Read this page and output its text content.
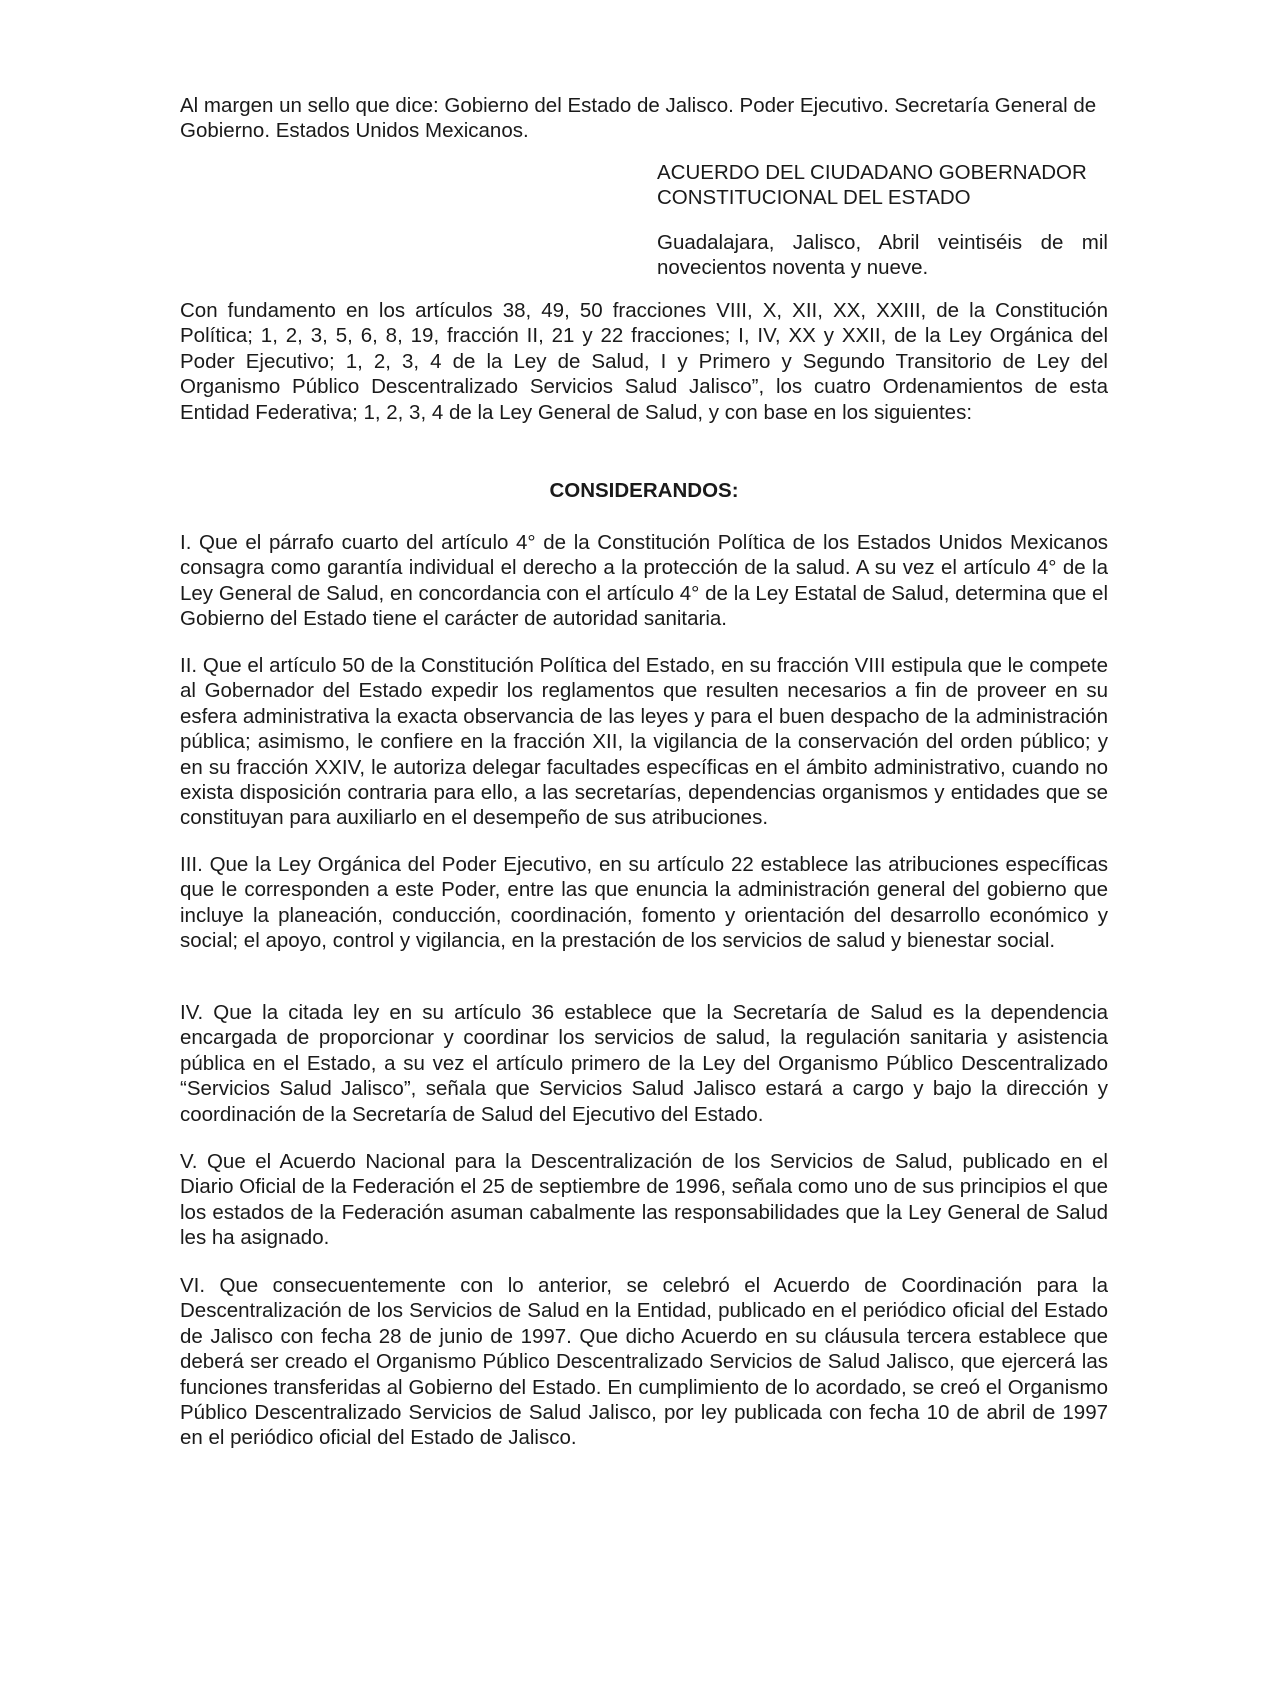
Al margen un sello que dice: Gobierno del Estado de Jalisco. Poder Ejecutivo. Secretaría General de Gobierno. Estados Unidos Mexicanos.

ACUERDO DEL CIUDADANO GOBERNADOR CONSTITUCIONAL DEL ESTADO

Guadalajara, Jalisco, Abril veintiséis de mil novecientos noventa y nueve.

Con fundamento en los artículos 38, 49, 50 fracciones VIII, X, XII, XX, XXIII, de la Constitución Política; 1, 2, 3, 5, 6, 8, 19, fracción II, 21 y 22 fracciones; I, IV, XX y XXII, de la Ley Orgánica del Poder Ejecutivo; 1, 2, 3, 4 de la Ley de Salud, I y Primero y Segundo Transitorio de Ley del Organismo Público Descentralizado Servicios Salud Jalisco”, los cuatro Ordenamientos de esta Entidad Federativa; 1, 2, 3, 4 de la Ley General de Salud, y con base en los siguientes:

CONSIDERANDOS:

I. Que el párrafo cuarto del artículo 4° de la Constitución Política de los Estados Unidos Mexicanos consagra como garantía individual el derecho a la protección de la salud. A su vez el artículo 4° de la Ley General de Salud, en concordancia con el artículo 4° de la Ley Estatal de Salud, determina que el Gobierno del Estado tiene el carácter de autoridad sanitaria.

II. Que el artículo 50 de la Constitución Política del Estado, en su fracción VIII estipula que le compete al Gobernador del Estado expedir los reglamentos que resulten necesarios a fin de proveer en su esfera administrativa la exacta observancia de las leyes y para el buen despacho de la administración pública; asimismo, le confiere en la fracción XII, la vigilancia de la conservación del orden público; y en su fracción XXIV, le autoriza delegar facultades específicas en el ámbito administrativo, cuando no exista disposición contraria para ello, a las secretarías, dependencias organismos y entidades que se constituyan para auxiliarlo en el desempeño de sus atribuciones.

III. Que la Ley Orgánica del Poder Ejecutivo, en su artículo 22 establece las atribuciones específicas que le corresponden a este Poder, entre las que enuncia la administración general del gobierno que incluye la planeación, conducción, coordinación, fomento y orientación del desarrollo económico y social; el apoyo, control y vigilancia, en la prestación de los servicios de salud y bienestar social.

IV. Que la citada ley en su artículo 36 establece que la Secretaría de Salud es la dependencia encargada de proporcionar y coordinar los servicios de salud, la regulación sanitaria y asistencia pública en el Estado, a su vez el artículo primero de la Ley del Organismo Público Descentralizado “Servicios Salud Jalisco”, señala que Servicios Salud Jalisco estará a cargo y bajo la dirección y coordinación de la Secretaría de Salud del Ejecutivo del Estado.

V. Que el Acuerdo Nacional para la Descentralización de los Servicios de Salud, publicado en el Diario Oficial de la Federación el 25 de septiembre de 1996, señala como uno de sus principios el que los estados de la Federación asuman cabalmente las responsabilidades que la Ley General de Salud les ha asignado.

VI. Que consecuentemente con lo anterior, se celebró el Acuerdo de Coordinación para la Descentralización de los Servicios de Salud en la Entidad, publicado en el periódico oficial del Estado de Jalisco con fecha 28 de junio de 1997. Que dicho Acuerdo en su cláusula tercera establece que deberá ser creado el Organismo Público Descentralizado Servicios de Salud Jalisco, que ejercerá las funciones transferidas al Gobierno del Estado. En cumplimiento de lo acordado, se creó el Organismo Público Descentralizado Servicios de Salud Jalisco, por ley publicada con fecha 10 de abril de 1997 en el periódico oficial del Estado de Jalisco.
